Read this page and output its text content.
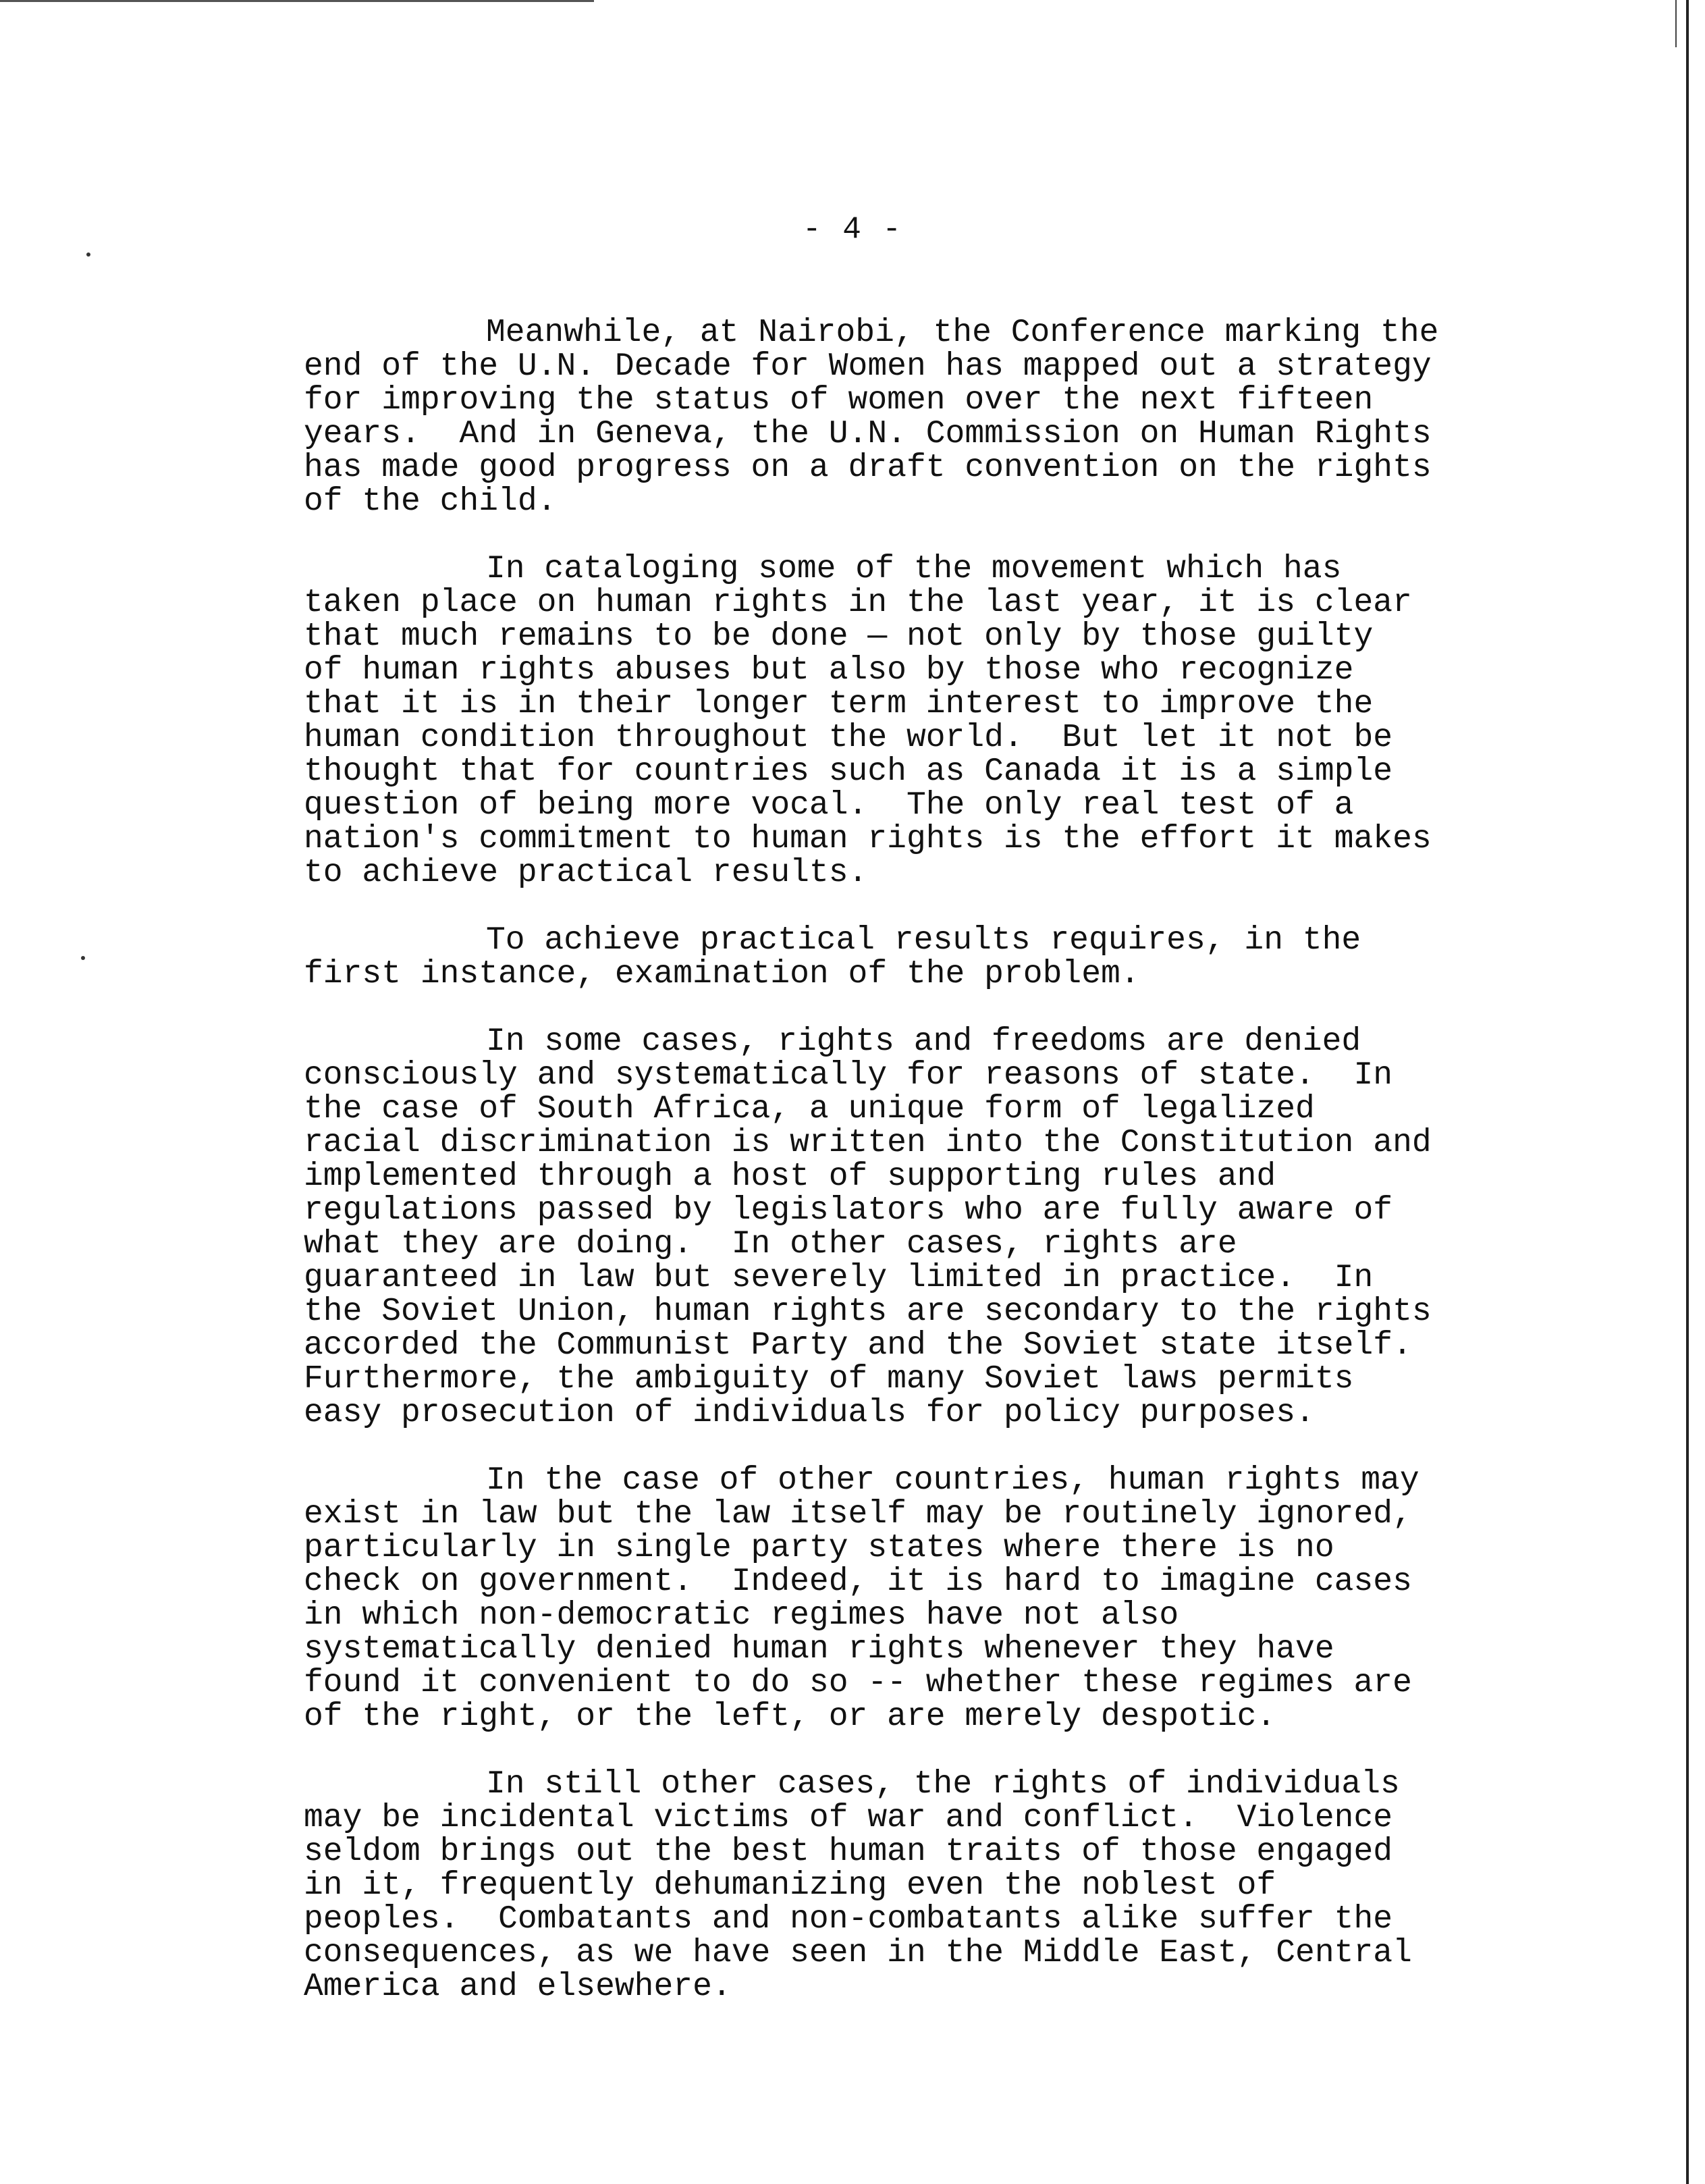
- 4 -
Meanwhile, at Nairobi, the Conference marking the
end of the U.N. Decade for Women has mapped out a strategy
for improving the status of women over the next fifteen
years.  And in Geneva, the U.N. Commission on Human Rights
has made good progress on a draft convention on the rights
of the child.
In cataloging some of the movement which has
taken place on human rights in the last year, it is clear
that much remains to be done — not only by those guilty
of human rights abuses but also by those who recognize
that it is in their longer term interest to improve the
human condition throughout the world.  But let it not be
thought that for countries such as Canada it is a simple
question of being more vocal.  The only real test of a
nation's commitment to human rights is the effort it makes
to achieve practical results.
To achieve practical results requires, in the
first instance, examination of the problem.
In some cases, rights and freedoms are denied
consciously and systematically for reasons of state.  In
the case of South Africa, a unique form of legalized
racial discrimination is written into the Constitution and
implemented through a host of supporting rules and
regulations passed by legislators who are fully aware of
what they are doing.  In other cases, rights are
guaranteed in law but severely limited in practice.  In
the Soviet Union, human rights are secondary to the rights
accorded the Communist Party and the Soviet state itself.
Furthermore, the ambiguity of many Soviet laws permits
easy prosecution of individuals for policy purposes.
In the case of other countries, human rights may
exist in law but the law itself may be routinely ignored,
particularly in single party states where there is no
check on government.  Indeed, it is hard to imagine cases
in which non-democratic regimes have not also
systematically denied human rights whenever they have
found it convenient to do so -- whether these regimes are
of the right, or the left, or are merely despotic.
In still other cases, the rights of individuals
may be incidental victims of war and conflict.  Violence
seldom brings out the best human traits of those engaged
in it, frequently dehumanizing even the noblest of
peoples.  Combatants and non-combatants alike suffer the
consequences, as we have seen in the Middle East, Central
America and elsewhere.
